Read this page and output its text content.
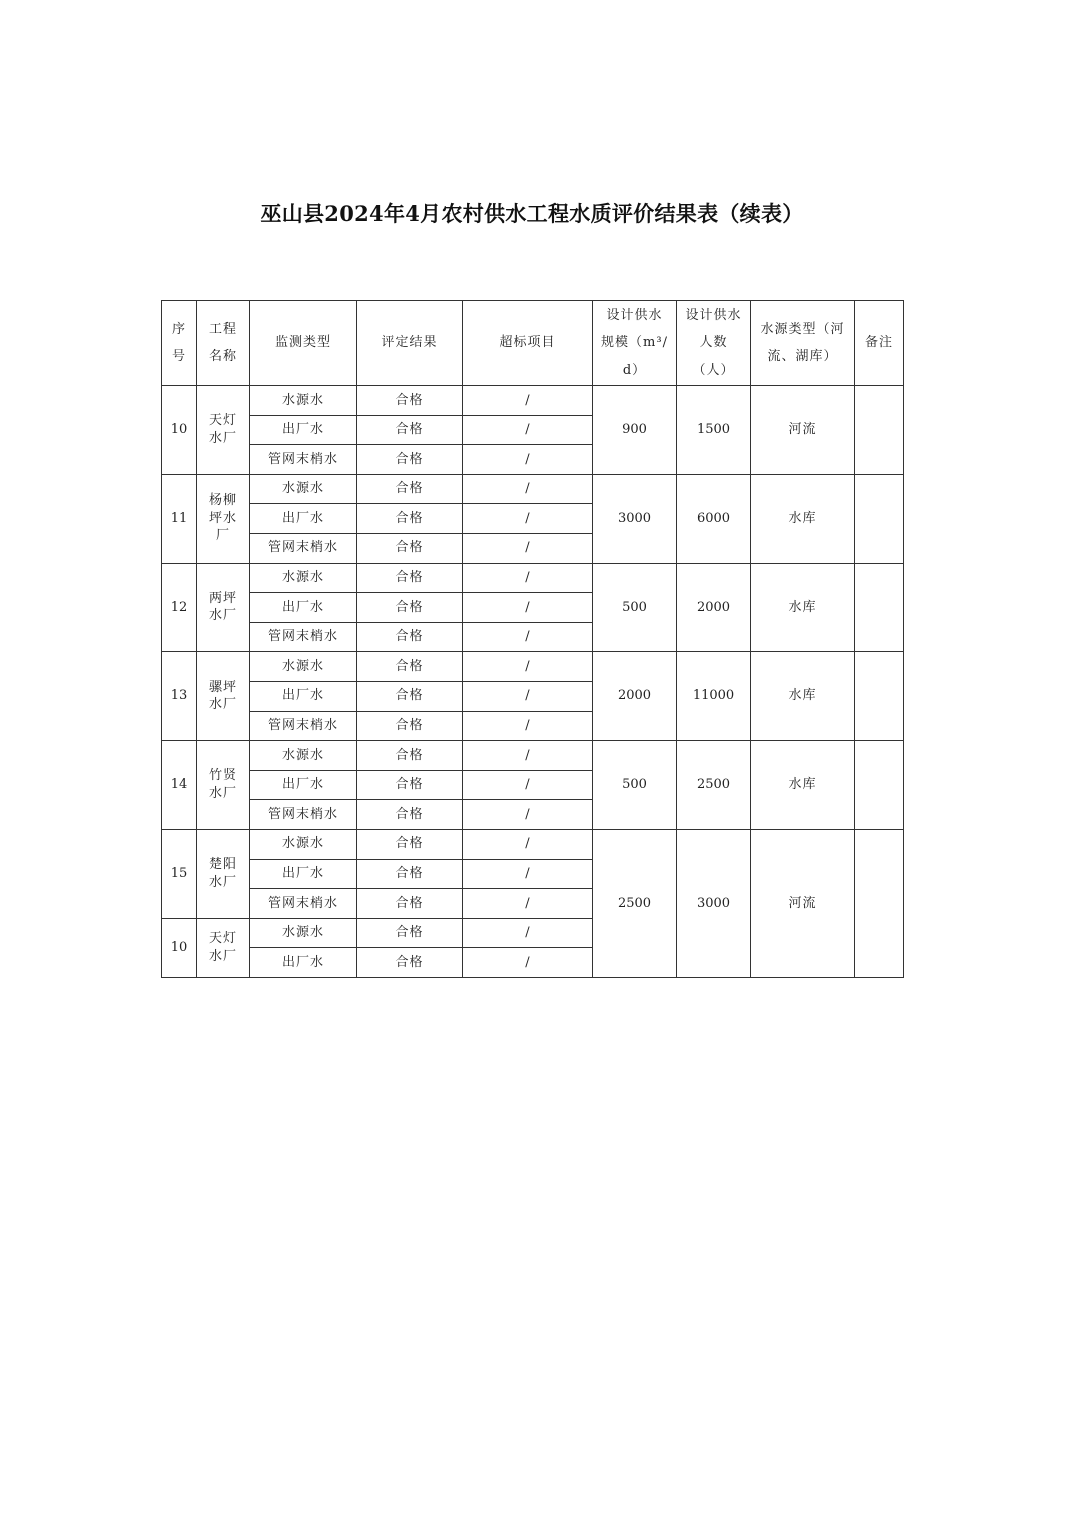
巫山县2024年4月农村供水工程水质评价结果表（续表）
序号	工程名称	监测类型	评定结果	超标项目	设计供水规模（m³/d）	设计供水人数（人）	水源类型（河流、湖库）	备注
10	天灯水厂	水源水	合格	/	900	1500	河流	
		出厂水	合格	/				
		管网末梢水	合格	/				
11	杨柳坪水厂	水源水	合格	/	3000	6000	水库	
		出厂水	合格	/				
		管网末梢水	合格	/				
12	两坪水厂	水源水	合格	/	500	2000	水库	
		出厂水	合格	/				
		管网末梢水	合格	/				
13	骡坪水厂	水源水	合格	/	2000	11000	水库	
		出厂水	合格	/				
		管网末梢水	合格	/				
14	竹贤水厂	水源水	合格	/	500	2500	水库	
		出厂水	合格	/				
		管网末梢水	合格	/				
15	楚阳水厂	水源水	合格	/	2500	3000	河流	
		出厂水	合格	/				
		管网末梢水	合格	/				
10	天灯水厂	水源水	合格	/				
		出厂水	合格	/				
